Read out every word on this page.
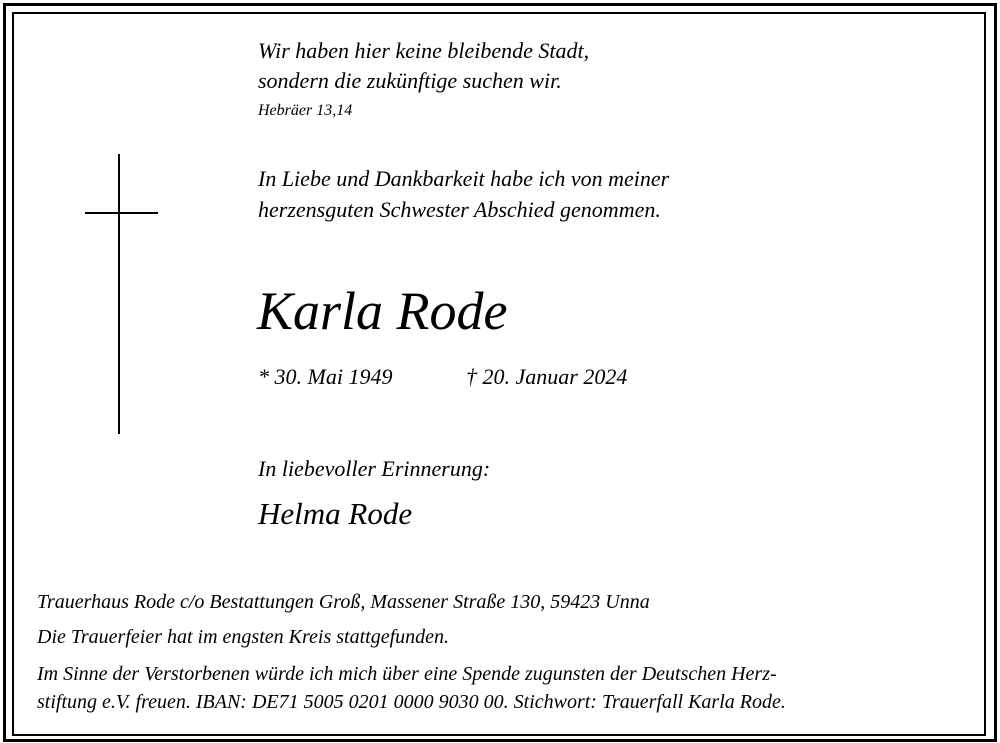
Wir haben hier keine bleibende Stadt,
sondern die zukünftige suchen wir.
Hebräer 13,14
In Liebe und Dankbarkeit habe ich von meiner
herzensguten Schwester Abschied genommen.
Karla Rode
* 30. Mai 1949	† 20. Januar 2024
In liebevoller Erinnerung:
Helma Rode
Trauerhaus Rode c/o Bestattungen Groß, Massener Straße 130, 59423 Unna
Die Trauerfeier hat im engsten Kreis stattgefunden.
Im Sinne der Verstorbenen würde ich mich über eine Spende zugunsten der Deutschen Herz-
stiftung e.V. freuen. IBAN: DE71 5005 0201 0000 9030 00. Stichwort: Trauerfall Karla Rode.
